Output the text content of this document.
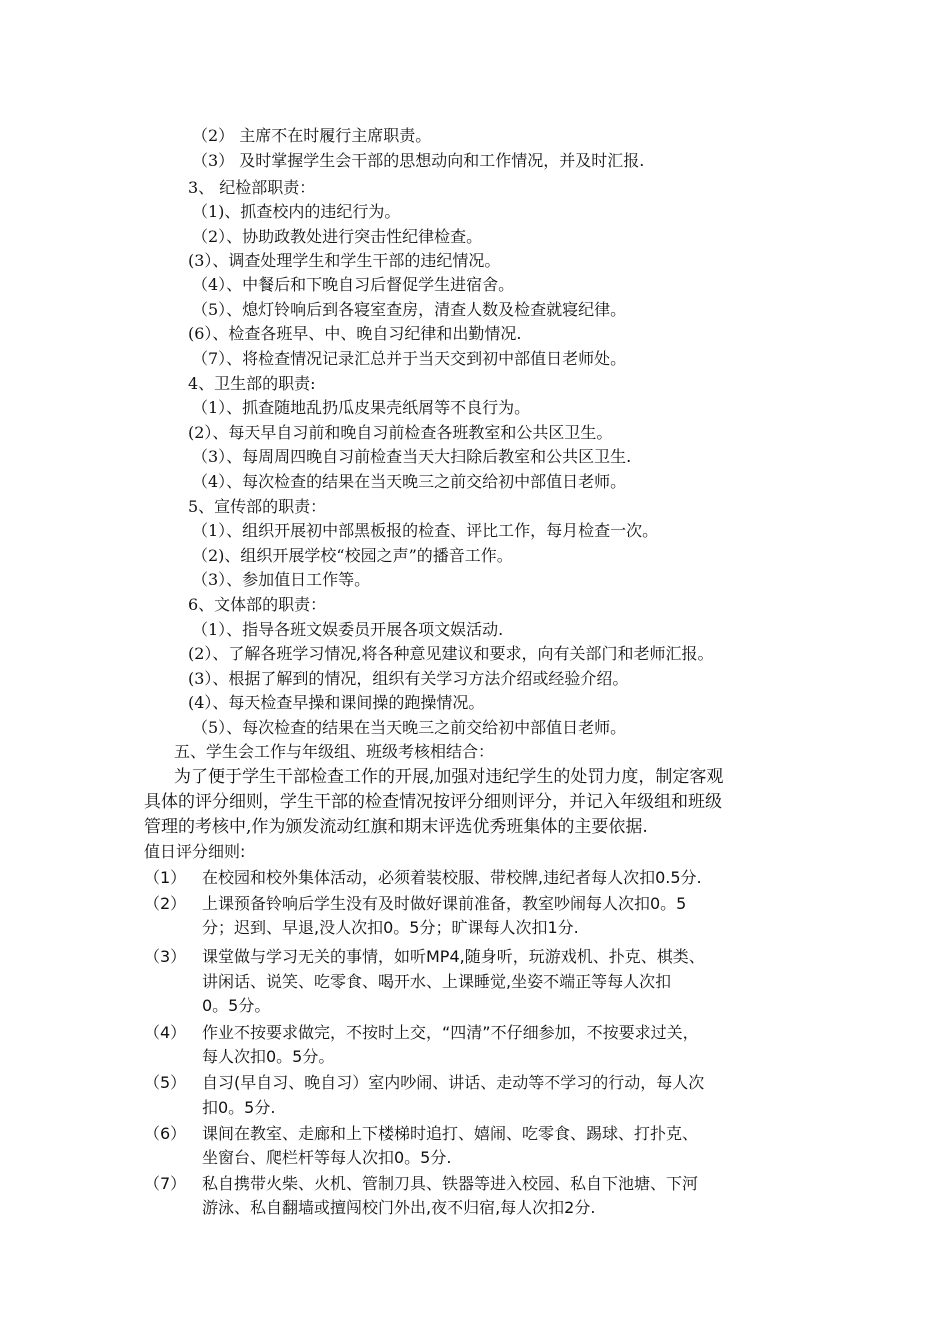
（2） 主席不在时履行主席职责。
（3） 及时掌握学生会干部的思想动向和工作情况，并及时汇报.
3、 纪检部职责：
（1)、抓查校内的违纪行为。
（2）、协助政教处进行突击性纪律检查。
(3）、调查处理学生和学生干部的违纪情况。
（4）、中餐后和下晚自习后督促学生进宿舍。
（5）、熄灯铃响后到各寝室查房，清查人数及检查就寝纪律。
(6）、检查各班早、中、晚自习纪律和出勤情况.
（7）、将检查情况记录汇总并于当天交到初中部值日老师处。
4、卫生部的职责:
（1）、抓查随地乱扔瓜皮果壳纸屑等不良行为。
(2）、每天早自习前和晚自习前检查各班教室和公共区卫生。
（3）、每周周四晚自习前检查当天大扫除后教室和公共区卫生.
（4）、每次检查的结果在当天晚三之前交给初中部值日老师。
5、宣传部的职责：
（1）、组织开展初中部黑板报的检查、评比工作，每月检查一次。
（2)、组织开展学校“校园之声”的播音工作。
（3）、参加值日工作等。
6、文体部的职责：
（1）、指导各班文娱委员开展各项文娱活动.
(2）、了解各班学习情况,将各种意见建议和要求，向有关部门和老师汇报。
(3）、根据了解到的情况，组织有关学习方法介绍或经验介绍。
(4）、每天检查早操和课间操的跑操情况。
（5）、每次检查的结果在当天晚三之前交给初中部值日老师。
五、学生会工作与年级组、班级考核相结合：
为了便于学生干部检查工作的开展,加强对违纪学生的处罚力度，制定客观
具体的评分细则，学生干部的检查情况按评分细则评分，并记入年级组和班级
管理的考核中,作为颁发流动红旗和期末评选优秀班集体的主要依据.
值日评分细则:
（1） 在校园和校外集体活动，必须着装校服、带校牌,违纪者每人次扣0.5分.
（2） 上课预备铃响后学生没有及时做好课前准备，教室吵闹每人次扣0。5
分；迟到、早退,没人次扣0。5分；旷课每人次扣1分.
（3） 课堂做与学习无关的事情，如听MP4,随身听，玩游戏机、扑克、棋类、
讲闲话、说笑、吃零食、喝开水、上课睡觉,坐姿不端正等每人次扣
0。5分。
（4） 作业不按要求做完，不按时上交，“四清”不仔细参加，不按要求过关，
每人次扣0。5分。
（5） 自习(早自习、晚自习）室内吵闹、讲话、走动等不学习的行动，每人次
扣0。5分.
（6） 课间在教室、走廊和上下楼梯时追打、嬉闹、吃零食、踢球、打扑克、
坐窗台、爬栏杆等每人次扣0。5分.
（7） 私自携带火柴、火机、管制刀具、铁器等进入校园、私自下池塘、下河
游泳、私自翻墙或擅闯校门外出,夜不归宿,每人次扣2分.
